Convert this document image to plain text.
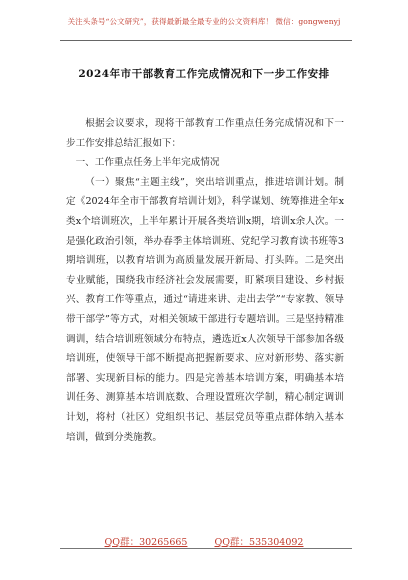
关注头条号“公文研究”，获得最新最全最专业的公文资料库！ 微信：gongwenyj
2024年市干部教育工作完成情况和下一步工作安排

根据会议要求，现将干部教育工作重点任务完成情况和下一步工作安排总结汇报如下：

一、工作重点任务上半年完成情况

（一）聚焦“主题主线”，突出培训重点，推进培训计划。制定《2024年全市干部教育培训计划》，科学谋划、统筹推进全年x类x个培训班次，上半年累计开展各类培训x期，培训x余人次。一是强化政治引领，举办春季主体培训班、党纪学习教育读书班等3期培训班，以教育培训为高质量发展开新局、打头阵。二是突出专业赋能，围绕我市经济社会发展需要，盯紧项目建设、乡村振兴、教育工作等重点，通过“请进来讲、走出去学”“专家教、领导带干部学”等方式，对相关领域干部进行专题培训。三是坚持精准调训，结合培训班领域分布特点，遴选近x人次领导干部参加各级培训班，使领导干部不断提高把握新要求、应对新形势、落实新部署、实现新目标的能力。四是完善基本培训方案，明确基本培训任务、测算基本培训底数、合理设置班次学制，精心制定调训计划，将村（社区）党组织书记、基层党员等重点群体纳入基本培训，做到分类施教。

QQ群：30265665	QQ群：535304092
